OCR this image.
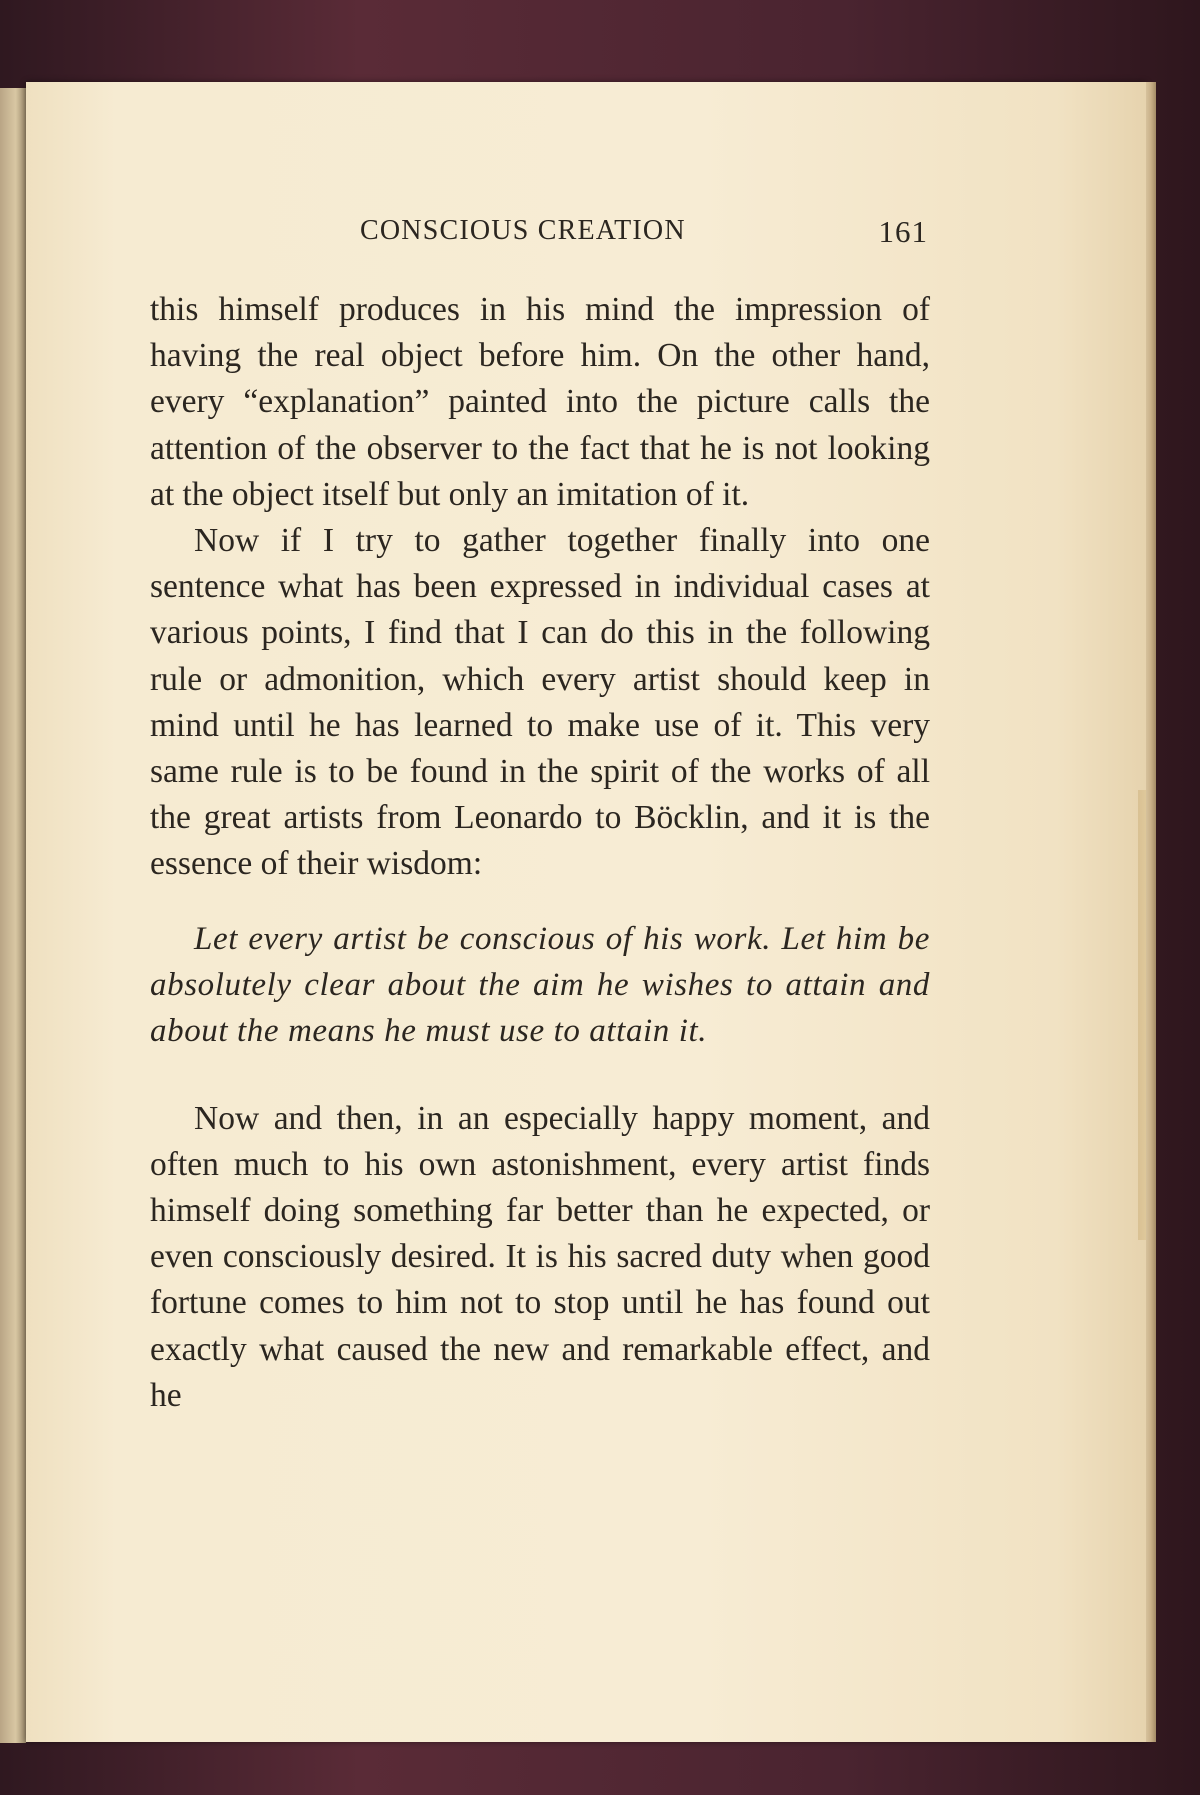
CONSCIOUS CREATION	161

this himself produces in his mind the impression of having the real object before him. On the other hand, every “explanation” painted into the picture calls the attention of the observer to the fact that he is not looking at the object itself but only an imitation of it.

Now if I try to gather together finally into one sentence what has been expressed in individual cases at various points, I find that I can do this in the following rule or admonition, which every artist should keep in mind until he has learned to make use of it. This very same rule is to be found in the spirit of the works of all the great artists from Leonardo to Böcklin, and it is the essence of their wisdom:

Let every artist be conscious of his work. Let him be absolutely clear about the aim he wishes to attain and about the means he must use to attain it.

Now and then, in an especially happy moment, and often much to his own astonishment, every artist finds himself doing something far better than he expected, or even consciously desired. It is his sacred duty when good fortune comes to him not to stop until he has found out exactly what caused the new and remarkable effect, and he
